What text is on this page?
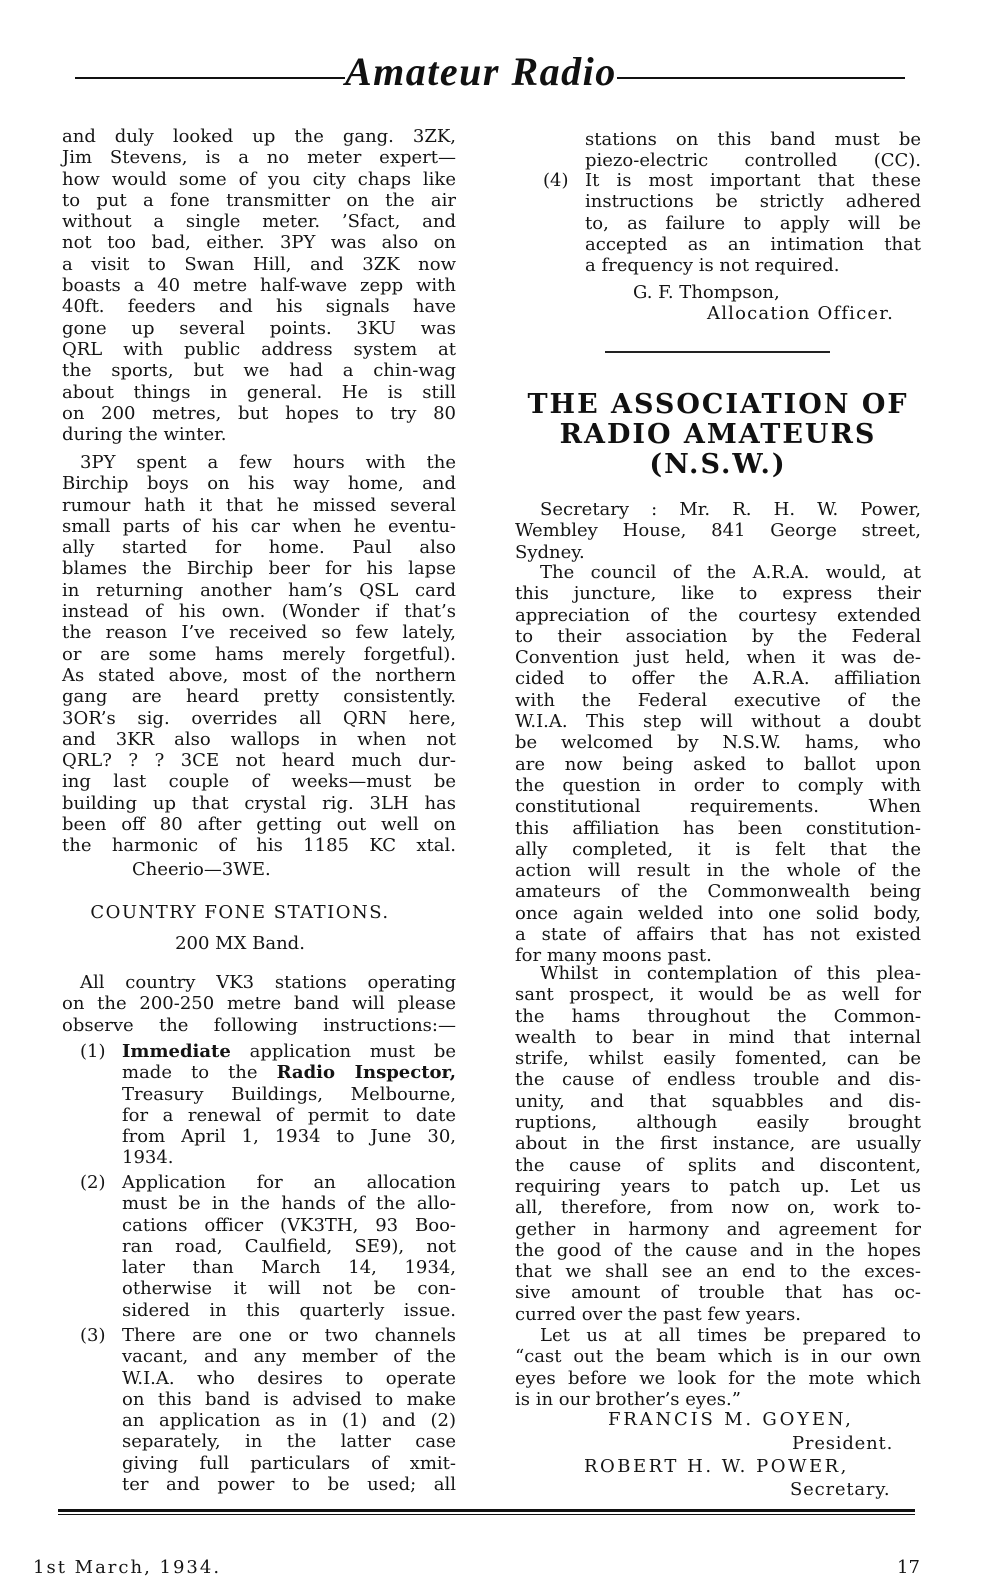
Amateur Radio
and duly looked up the gang. 3ZK,
Jim Stevens, is a no meter expert—
how would some of you city chaps like
to put a fone transmitter on the air
without a single meter. ’Sfact, and
not too bad, either. 3PY was also on
a visit to Swan Hill, and 3ZK now
boasts a 40 metre half-wave zepp with
40ft. feeders and his signals have
gone up several points. 3KU was
QRL with public address system at
the sports, but we had a chin-wag
about things in general. He is still
on 200 metres, but hopes to try 80
during the winter.
3PY spent a few hours with the
Birchip boys on his way home, and
rumour hath it that he missed several
small parts of his car when he eventu-
ally started for home. Paul also
blames the Birchip beer for his lapse
in returning another ham’s QSL card
instead of his own. (Wonder if that’s
the reason I’ve received so few lately,
or are some hams merely forgetful).
As stated above, most of the northern
gang are heard pretty consistently.
3OR’s sig. overrides all QRN here,
and 3KR also wallops in when not
QRL? ? ? 3CE not heard much dur-
ing last couple of weeks—must be
building up that crystal rig. 3LH has
been off 80 after getting out well on
the harmonic of his 1185 KC xtal.
Cheerio—3WE.
COUNTRY FONE STATIONS.
200 MX Band.
All country VK3 stations operating
on the 200-250 metre band will please
observe the following instructions:—
(1) Immediate application must be
made to the Radio Inspector,
Treasury Buildings, Melbourne,
for a renewal of permit to date
from April 1, 1934 to June 30,
1934.
(2) Application for an allocation
must be in the hands of the allo-
cations officer (VK3TH, 93 Boo-
ran road, Caulfield, SE9), not
later than March 14, 1934,
otherwise it will not be con-
sidered in this quarterly issue.
(3) There are one or two channels
vacant, and any member of the
W.I.A. who desires to operate
on this band is advised to make
an application as in (1) and (2)
separately, in the latter case
giving full particulars of xmit-
ter and power to be used; all
stations on this band must be
piezo-electric controlled (CC).
(4) It is most important that these
instructions be strictly adhered
to, as failure to apply will be
accepted as an intimation that
a frequency is not required.
G. F. Thompson,
Allocation Officer.
THE ASSOCIATION OF
RADIO AMATEURS
(N.S.W.)
Secretary : Mr. R. H. W. Power,
Wembley House, 841 George street,
Sydney.
The council of the A.R.A. would, at
this juncture, like to express their
appreciation of the courtesy extended
to their association by the Federal
Convention just held, when it was de-
cided to offer the A.R.A. affiliation
with the Federal executive of the
W.I.A. This step will without a doubt
be welcomed by N.S.W. hams, who
are now being asked to ballot upon
the question in order to comply with
constitutional requirements. When
this affiliation has been constitution-
ally completed, it is felt that the
action will result in the whole of the
amateurs of the Commonwealth being
once again welded into one solid body,
a state of affairs that has not existed
for many moons past.
Whilst in contemplation of this plea-
sant prospect, it would be as well for
the hams throughout the Common-
wealth to bear in mind that internal
strife, whilst easily fomented, can be
the cause of endless trouble and dis-
unity, and that squabbles and dis-
ruptions, although easily brought
about in the first instance, are usually
the cause of splits and discontent,
requiring years to patch up. Let us
all, therefore, from now on, work to-
gether in harmony and agreement for
the good of the cause and in the hopes
that we shall see an end to the exces-
sive amount of trouble that has oc-
curred over the past few years.
Let us at all times be prepared to
“cast out the beam which is in our own
eyes before we look for the mote which
is in our brother’s eyes.”
FRANCIS M. GOYEN,
President.
ROBERT H. W. POWER,
Secretary.
1st March, 1934.	17
